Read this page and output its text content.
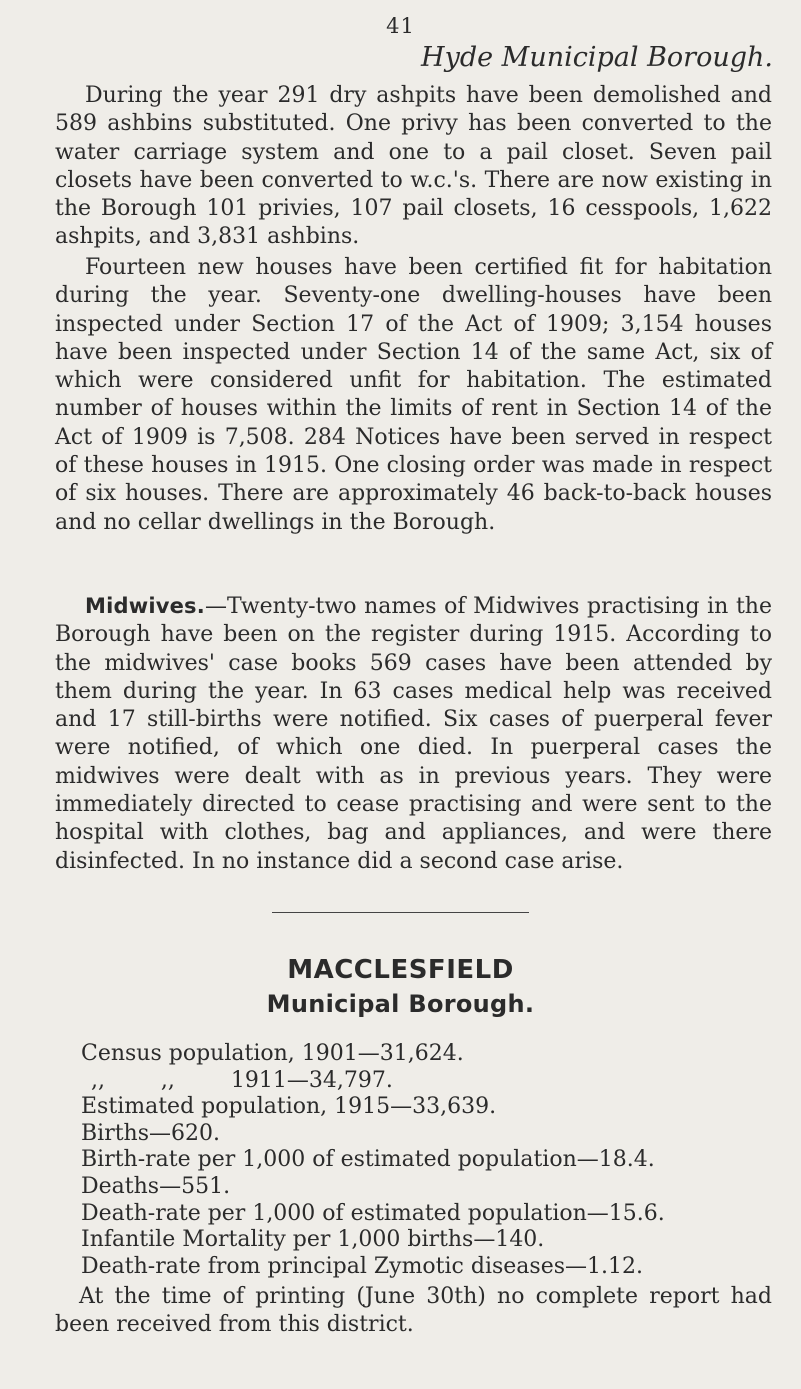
41
Hyde Municipal Borough.

During the year 291 dry ashpits have been demolished and 589 ashbins substituted. One privy has been converted to the water carriage system and one to a pail closet. Seven pail closets have been converted to w.c.'s. There are now existing in the Borough 101 privies, 107 pail closets, 16 cesspools, 1,622 ashpits, and 3,831 ashbins.

Fourteen new houses have been certified fit for habitation during the year. Seventy-one dwelling-houses have been inspected under Section 17 of the Act of 1909; 3,154 houses have been inspected under Section 14 of the same Act, six of which were considered unfit for habitation. The estimated number of houses within the limits of rent in Section 14 of the Act of 1909 is 7,508. 284 Notices have been served in respect of these houses in 1915. One closing order was made in respect of six houses. There are approximately 46 back-to-back houses and no cellar dwellings in the Borough.

Midwives.—Twenty-two names of Midwives practising in the Borough have been on the register during 1915. According to the midwives' case books 569 cases have been attended by them during the year. In 63 cases medical help was received and 17 still-births were notified. Six cases of puerperal fever were notified, of which one died. In puerperal cases the midwives were dealt with as in previous years. They were immediately directed to cease practising and were sent to the hospital with clothes, bag and appliances, and were there disinfected. In no instance did a second case arise.

MACCLESFIELD
Municipal Borough.
Census population, 1901—31,624.
,,        ,,        1911—34,797.
Estimated population, 1915—33,639.
Births—620.
Birth-rate per 1,000 of estimated population—18.4.
Deaths—551.
Death-rate per 1,000 of estimated population—15.6.
Infantile Mortality per 1,000 births—140.
Death-rate from principal Zymotic diseases—1.12.

At the time of printing (June 30th) no complete report had been received from this district.
